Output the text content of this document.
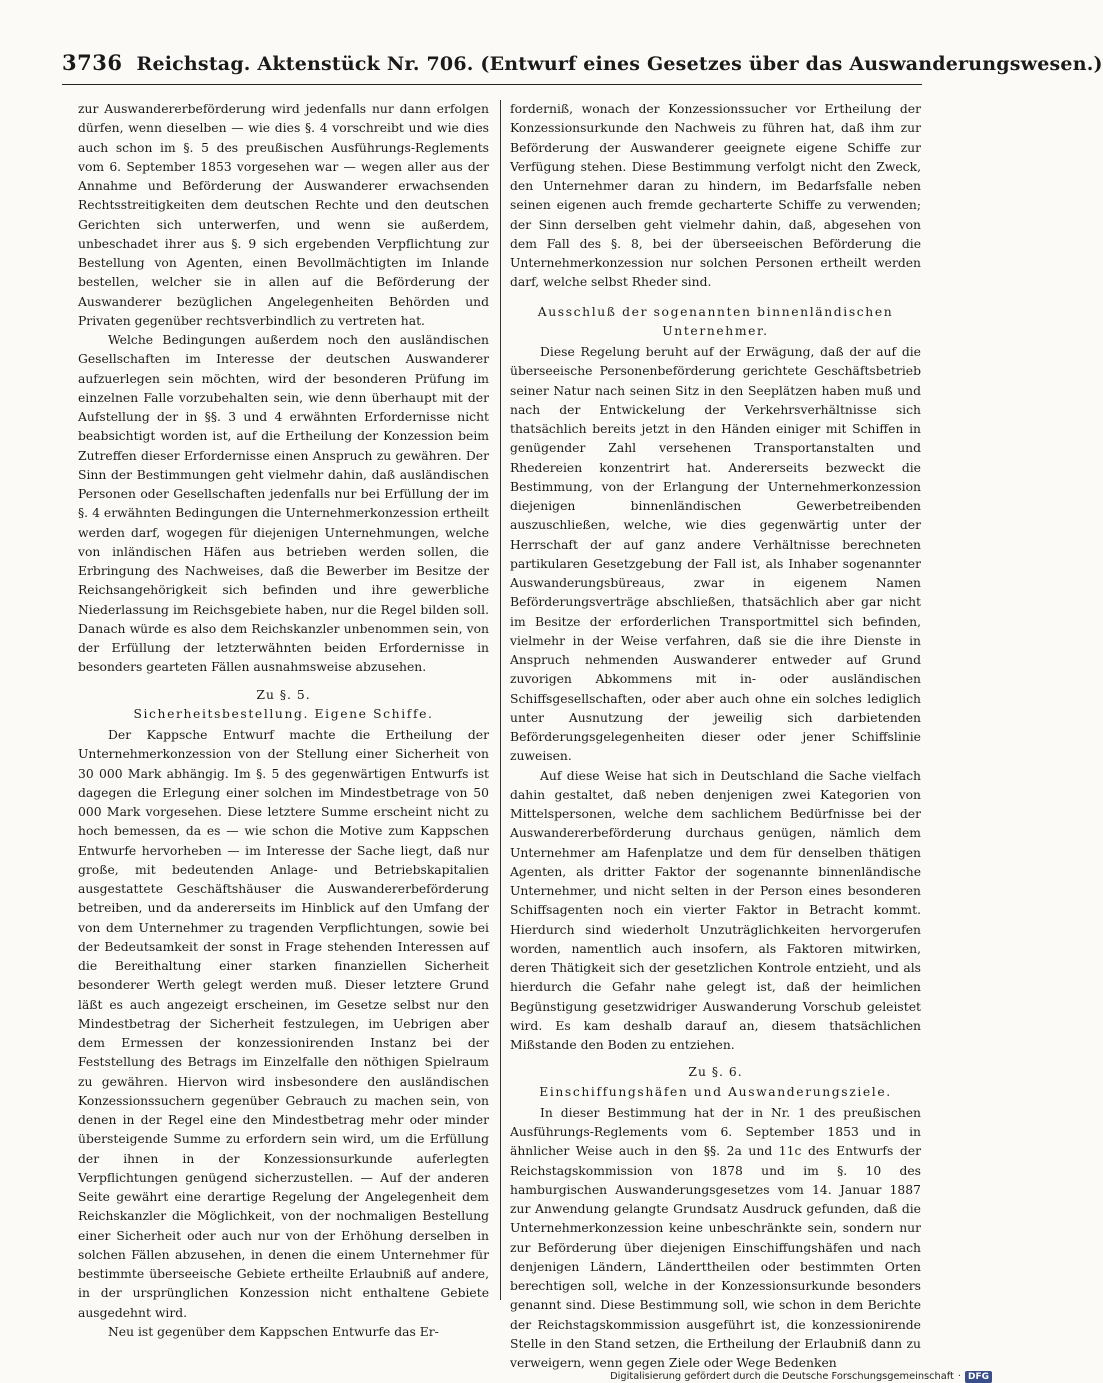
3736 Reichstag. Aktenstück Nr. 706. (Entwurf eines Gesetzes über das Auswanderungswesen.)

zur Auswandererbeförderung wird jedenfalls nur dann erfolgen dürfen, wenn dieselben — wie dies §. 4 vorschreibt und wie dies auch schon im §. 5 des preußischen Ausführungs-Reglements vom 6. September 1853 vorgesehen war — wegen aller aus der Annahme und Beförderung der Auswanderer erwachsenden Rechtsstreitigkeiten dem deutschen Rechte und den deutschen Gerichten sich unterwerfen, und wenn sie außerdem, unbeschadet ihrer aus §. 9 sich ergebenden Verpflichtung zur Bestellung von Agenten, einen Bevollmächtigten im Inlande bestellen, welcher sie in allen auf die Beförderung der Auswanderer bezüglichen Angelegenheiten Behörden und Privaten gegenüber rechtsverbindlich zu vertreten hat.

Welche Bedingungen außerdem noch den ausländischen Gesellschaften im Interesse der deutschen Auswanderer aufzuerlegen sein möchten, wird der besonderen Prüfung im einzelnen Falle vorzubehalten sein, wie denn überhaupt mit der Aufstellung der in §§. 3 und 4 erwähnten Erfordernisse nicht beabsichtigt worden ist, auf die Ertheilung der Konzession beim Zutreffen dieser Erfordernisse einen Anspruch zu gewähren. Der Sinn der Bestimmungen geht vielmehr dahin, daß ausländischen Personen oder Gesellschaften jedenfalls nur bei Erfüllung der im §. 4 erwähnten Bedingungen die Unternehmerkonzession ertheilt werden darf, wogegen für diejenigen Unternehmungen, welche von inländischen Häfen aus betrieben werden sollen, die Erbringung des Nachweises, daß die Bewerber im Besitze der Reichsangehörigkeit sich befinden und ihre gewerbliche Niederlassung im Reichsgebiete haben, nur die Regel bilden soll. Danach würde es also dem Reichskanzler unbenommen sein, von der Erfüllung der letzterwähnten beiden Erfordernisse in besonders gearteten Fällen ausnahmsweise abzusehen.

Zu §. 5.

Sicherheitsbestellung. Eigene Schiffe.

Der Kappsche Entwurf machte die Ertheilung der Unternehmerkonzession von der Stellung einer Sicherheit von 30 000 Mark abhängig. Im §. 5 des gegenwärtigen Entwurfs ist dagegen die Erlegung einer solchen im Mindestbetrage von 50 000 Mark vorgesehen. Diese letztere Summe erscheint nicht zu hoch bemessen, da es — wie schon die Motive zum Kappschen Entwurfe hervorheben — im Interesse der Sache liegt, daß nur große, mit bedeutenden Anlage- und Betriebskapitalien ausgestattete Geschäftshäuser die Auswandererbeförderung betreiben, und da andererseits im Hinblick auf den Umfang der von dem Unternehmer zu tragenden Verpflichtungen, sowie bei der Bedeutsamkeit der sonst in Frage stehenden Interessen auf die Bereithaltung einer starken finanziellen Sicherheit besonderer Werth gelegt werden muß. Dieser letztere Grund läßt es auch angezeigt erscheinen, im Gesetze selbst nur den Mindestbetrag der Sicherheit festzulegen, im Uebrigen aber dem Ermessen der konzessionirenden Instanz bei der Feststellung des Betrags im Einzelfalle den nöthigen Spielraum zu gewähren. Hiervon wird insbesondere den ausländischen Konzessionssuchern gegenüber Gebrauch zu machen sein, von denen in der Regel eine den Mindestbetrag mehr oder minder übersteigende Summe zu erfordern sein wird, um die Erfüllung der ihnen in der Konzessionsurkunde auferlegten Verpflichtungen genügend sicherzustellen. — Auf der anderen Seite gewährt eine derartige Regelung der Angelegenheit dem Reichskanzler die Möglichkeit, von der nochmaligen Bestellung einer Sicherheit oder auch nur von der Erhöhung derselben in solchen Fällen abzusehen, in denen die einem Unternehmer für bestimmte überseeische Gebiete ertheilte Erlaubniß auf andere, in der ursprünglichen Konzession nicht enthaltene Gebiete ausgedehnt wird.

Neu ist gegenüber dem Kappschen Entwurfe das Er-

forderniß, wonach der Konzessionssucher vor Ertheilung der Konzessionsurkunde den Nachweis zu führen hat, daß ihm zur Beförderung der Auswanderer geeignete eigene Schiffe zur Verfügung stehen. Diese Bestimmung verfolgt nicht den Zweck, den Unternehmer daran zu hindern, im Bedarfsfalle neben seinen eigenen auch fremde gecharterte Schiffe zu verwenden; der Sinn derselben geht vielmehr dahin, daß, abgesehen von dem Fall des §. 8, bei der überseeischen Beförderung die Unternehmerkonzession nur solchen Personen ertheilt werden darf, welche selbst Rheder sind.

Ausschluß der sogenannten binnenländischen Unternehmer.

Diese Regelung beruht auf der Erwägung, daß der auf die überseeische Personenbeförderung gerichtete Geschäftsbetrieb seiner Natur nach seinen Sitz in den Seeplätzen haben muß und nach der Entwickelung der Verkehrsverhältnisse sich thatsächlich bereits jetzt in den Händen einiger mit Schiffen in genügender Zahl versehenen Transportanstalten und Rhedereien konzentrirt hat. Andererseits bezweckt die Bestimmung, von der Erlangung der Unternehmerkonzession diejenigen binnenländischen Gewerbetreibenden auszuschließen, welche, wie dies gegenwärtig unter der Herrschaft der auf ganz andere Verhältnisse berechneten partikularen Gesetzgebung der Fall ist, als Inhaber sogenannter Auswanderungsbüreaus, zwar in eigenem Namen Beförderungsverträge abschließen, thatsächlich aber gar nicht im Besitze der erforderlichen Transportmittel sich befinden, vielmehr in der Weise verfahren, daß sie die ihre Dienste in Anspruch nehmenden Auswanderer entweder auf Grund zuvorigen Abkommens mit in- oder ausländischen Schiffsgesellschaften, oder aber auch ohne ein solches lediglich unter Ausnutzung der jeweilig sich darbietenden Beförderungsgelegenheiten dieser oder jener Schiffslinie zuweisen.

Auf diese Weise hat sich in Deutschland die Sache vielfach dahin gestaltet, daß neben denjenigen zwei Kategorien von Mittelspersonen, welche dem sachlichem Bedürfnisse bei der Auswandererbeförderung durchaus genügen, nämlich dem Unternehmer am Hafenplatze und dem für denselben thätigen Agenten, als dritter Faktor der sogenannte binnenländische Unternehmer, und nicht selten in der Person eines besonderen Schiffsagenten noch ein vierter Faktor in Betracht kommt. Hierdurch sind wiederholt Unzuträglichkeiten hervorgerufen worden, namentlich auch insofern, als Faktoren mitwirken, deren Thätigkeit sich der gesetzlichen Kontrole entzieht, und als hierdurch die Gefahr nahe gelegt ist, daß der heimlichen Begünstigung gesetzwidriger Auswanderung Vorschub geleistet wird. Es kam deshalb darauf an, diesem thatsächlichen Mißstande den Boden zu entziehen.

Zu §. 6.

Einschiffungshäfen und Auswanderungsziele.

In dieser Bestimmung hat der in Nr. 1 des preußischen Ausführungs-Reglements vom 6. September 1853 und in ähnlicher Weise auch in den §§. 2a und 11c des Entwurfs der Reichstagskommission von 1878 und im §. 10 des hamburgischen Auswanderungsgesetzes vom 14. Januar 1887 zur Anwendung gelangte Grundsatz Ausdruck gefunden, daß die Unternehmerkonzession keine unbeschränkte sein, sondern nur zur Beförderung über diejenigen Einschiffungshäfen und nach denjenigen Ländern, Länderttheilen oder bestimmten Orten berechtigen soll, welche in der Konzessionsurkunde besonders genannt sind. Diese Bestimmung soll, wie schon in dem Berichte der Reichstagskommission ausgeführt ist, die konzessionirende Stelle in den Stand setzen, die Ertheilung der Erlaubniß dann zu verweigern, wenn gegen Ziele oder Wege Bedenken

Digitalisierung gefördert durch die Deutsche Forschungsgemeinschaft · DFG
